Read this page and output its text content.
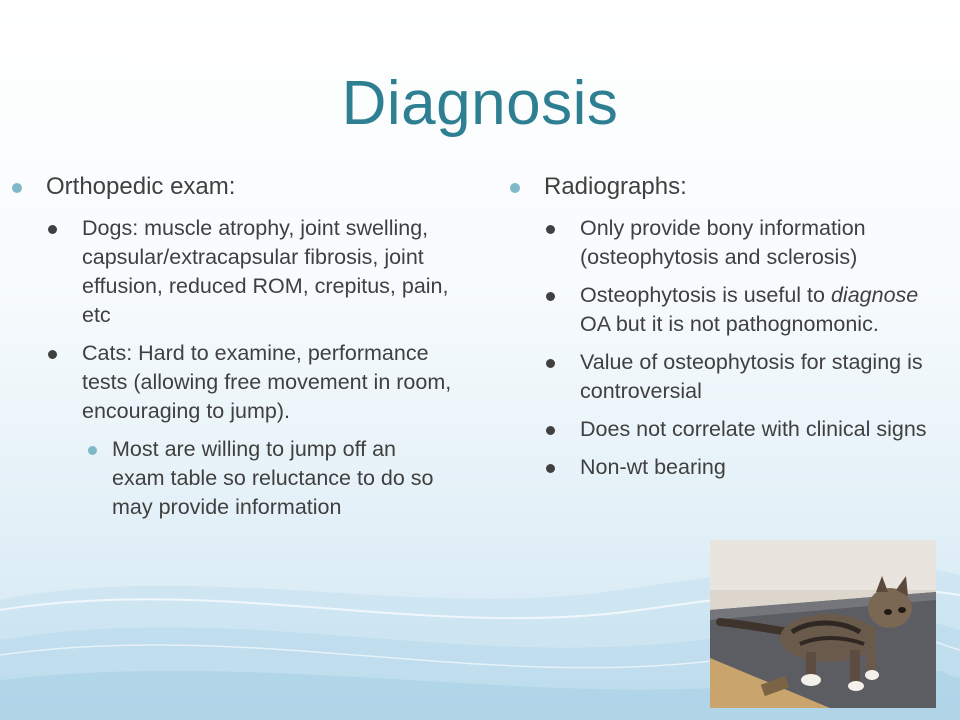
Diagnosis
Orthopedic exam:
Dogs: muscle atrophy, joint swelling, capsular/extracapsular fibrosis, joint effusion, reduced ROM, crepitus, pain, etc
Cats: Hard to examine, performance tests (allowing free movement in room, encouraging to jump).
Most are willing to jump off an exam table so reluctance to do so may provide information
Radiographs:
Only provide bony information (osteophytosis and sclerosis)
Osteophytosis is useful to diagnose OA but it is not pathognomonic.
Value of osteophytosis for staging is controversial
Does not correlate with clinical signs
Non-wt bearing
